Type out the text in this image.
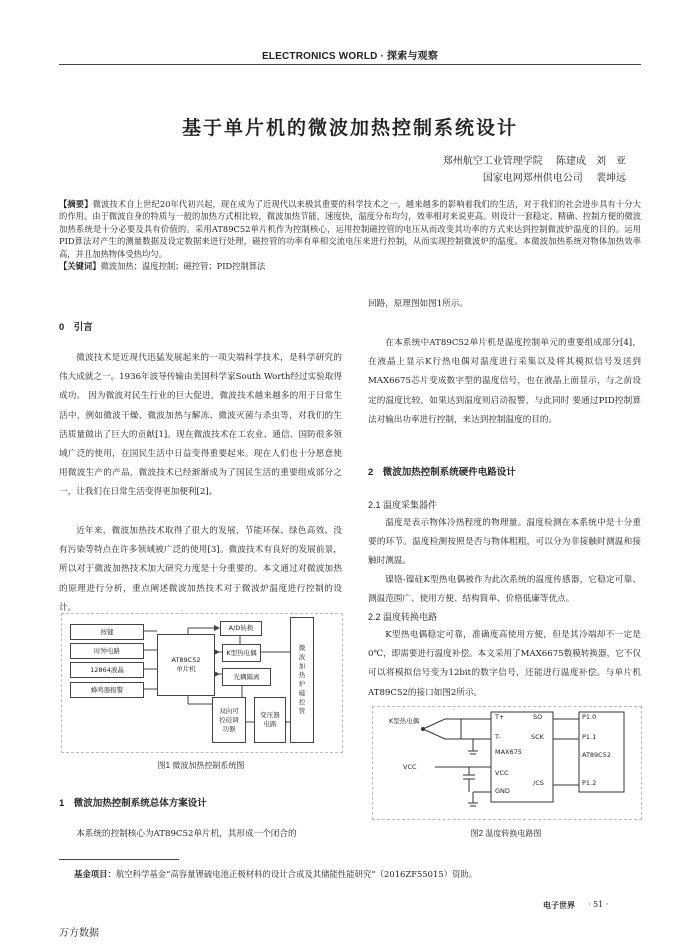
ELECTRONICS WORLD · 探索与观察
基于单片机的微波加热控制系统设计
郑州航空工业管理学院　 陈建成　刘　亚
国家电网郑州供电公司　 裴坤远
【摘要】微波技术自上世纪20年代初兴起，现在成为了近现代以来极其重要的科学技术之一。越来越多的影响着我们的生活，对于我们的社会进步具有十分大的作用。由于微波自身的特质与一般的加热方式相比较，微波加热节能，速度快，温度分布均匀，效率相对来说更高。则设计一套稳定、精确、控制方便的微波加热系统是十分必要及具有价值的。采用AT89C52单片机作为控制核心，运用控制磁控管的电压从而改变其功率的方式来达到控制微波炉温度的目的。运用PID算法对产生的测量数据及设定数据来进行处理，磁控管的功率有单相交流电压来进行控制，从而实现控制微波炉的温度。本微波加热系统对物体加热效率高，并且加热物体受热均匀。
【关键词】微波加热；温度控制；磁控管；PID控制算法
0　引言
微波技术是近现代迅猛发展起来的一项尖端科学技术，是科学研究的伟大成就之一。1936年波导传输由美国科学家South Worth经过实验取得成功。 因为微波对民生行业的巨大促进，微波技术越来越多的用于日常生活中，例如微波干燥、微波加热与解冻、微波灭菌与杀虫等，对我们的生活质量做出了巨大的贡献[1]。现在微波技术在工农业、通信、国防很多领域广泛的使用，在国民生活中日益变得重要起来。现在人们也十分愿意使用微波生产的产品，微波技术已经渐渐成为了国民生活的重要组成部分之一，让我们在日常生活变得更加便利[2]。
近年来，微波加热技术取得了很大的发展，节能环保、绿色高效、没有污染等特点在许多领域被广泛的使用[3]。微波技术有良好的发展前景，所以对于微波加热技术加大研究力度是十分重要的。本文通过对微波加热的原理进行分析，重点阐述微波加热技术对于微波炉温度进行控制的设计。
按键
时钟电路
12864液晶
蜂鸣器报警
AT89C52
单片机
A/D转换
K型热电偶
光耦隔离
双向可
控硅调
功器
变压器
电路
微
波
加
热
炉
磁
控
管
图1 微波加热控制系统图
1　微波加热控制系统总体方案设计
本系统的控制核心为AT89C52单片机，其形成一个闭合的
回路，原理图如图1所示。
在本系统中AT89C52单片机是温度控制单元的重要组成部分[4]，在液晶上显示K行热电偶对温度进行采集以及将其模拟信号发送到MAX6675芯片变成数字型的温度信号，也在液晶上面显示，与之前设定的温度比较，如果达到温度则启动报警，与此同时 要通过PID控制算法对输出功率进行控制，来达到控制温度的目的。
2　微波加热控制系统硬件电路设计
2.1 温度采集器件
温度是表示物体冷热程度的物理量。温度检测在本系统中是十分重要的环节。温度检测按照是否与物体粗粗，可以分为非接触时测温和接触时测温。
镍铬-镍硅K型热电偶被作为此次系统的温度传感器，它稳定可靠、测温范围广、使用方便、结构简单、价格低廉等优点。
2.2 温度转换电路
K型热电偶稳定可靠，准确度高使用方便，但是其冷端却不一定是0℃，即需要进行温度补偿。本文采用了MAX6675数模转换器，它不仅可以将模拟信号变为12bit的数字信号，还能进行温度补偿。与单片机AT89C52的接口如图2所示。
K型热电偶
VCC
T+
T-
MAX675
VCC
GND
SO
SCK
/CS
P1.0
P1.1
AT89C52
P1.2
图2 温度转换电路图
基金项目：航空科学基金“高容量锂硫电池正极材料的设计合成及其储能性能研究”（2016ZF55015）资助。
电子世界 · 51 ·
万方数据
